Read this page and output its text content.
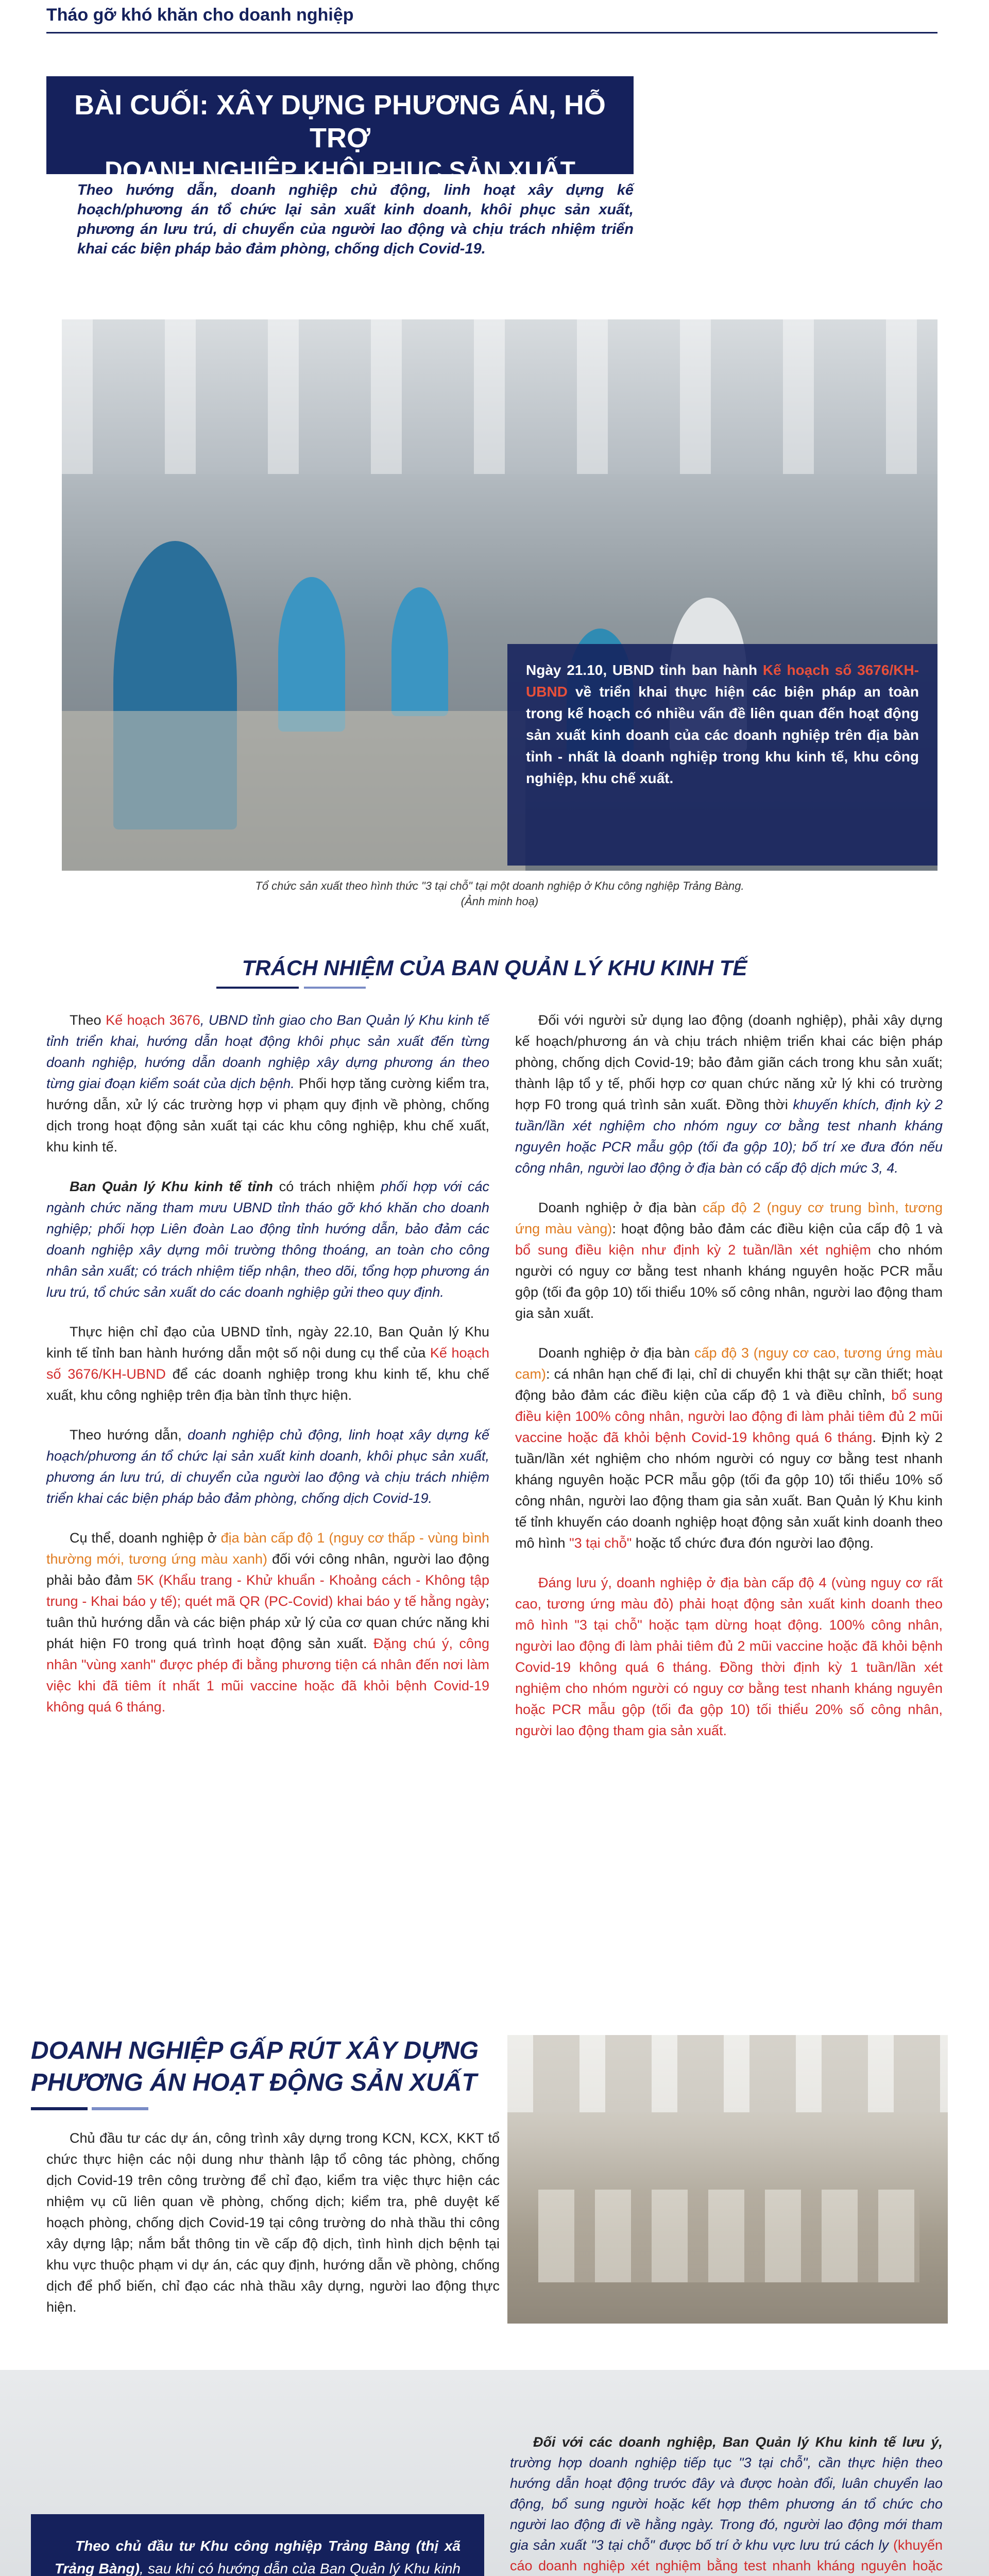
Tháo gỡ khó khăn cho doanh nghiệp
BÀI CUỐI: XÂY DỰNG PHƯƠNG ÁN, HỖ TRỢ
DOANH NGHIỆP KHÔI PHỤC SẢN XUẤT
Theo hướng dẫn, doanh nghiệp chủ động, linh hoạt xây dựng kế hoạch/phương án tổ chức lại sản xuất kinh doanh, khôi phục sản xuất, phương án lưu trú, di chuyển của người lao động và chịu trách nhiệm triển khai các biện pháp bảo đảm phòng, chống dịch Covid-19.
Ngày 21.10, UBND tỉnh ban hành Kế hoạch số 3676/KH-UBND về triển khai thực hiện các biện pháp an toàn trong kế hoạch có nhiều vấn đề liên quan đến hoạt động sản xuất kinh doanh của các doanh nghiệp trên địa bàn tỉnh - nhất là doanh nghiệp trong khu kinh tế, khu công nghiệp, khu chế xuất.
Tổ chức sản xuất theo hình thức "3 tại chỗ" tại một doanh nghiệp ở Khu công nghiệp Trảng Bàng.
(Ảnh minh hoạ)
TRÁCH NHIỆM CỦA BAN QUẢN LÝ KHU KINH TẾ

Theo Kế hoạch 3676, UBND tỉnh giao cho Ban Quản lý Khu kinh tế tỉnh triển khai, hướng dẫn hoạt động khôi phục sản xuất đến từng doanh nghiệp, hướng dẫn doanh nghiệp xây dựng phương án theo từng giai đoạn kiểm soát của dịch bệnh. Phối hợp tăng cường kiểm tra, hướng dẫn, xử lý các trường hợp vi phạm quy định về phòng, chống dịch trong hoạt động sản xuất tại các khu công nghiệp, khu chế xuất, khu kinh tế.

Ban Quản lý Khu kinh tế tỉnh có trách nhiệm phối hợp với các ngành chức năng tham mưu UBND tỉnh tháo gỡ khó khăn cho doanh nghiệp; phối hợp Liên đoàn Lao động tỉnh hướng dẫn, bảo đảm các doanh nghiệp xây dựng môi trường thông thoáng, an toàn cho công nhân sản xuất; có trách nhiệm tiếp nhận, theo dõi, tổng hợp phương án lưu trú, tổ chức sản xuất do các doanh nghiệp gửi theo quy định.

Thực hiện chỉ đạo của UBND tỉnh, ngày 22.10, Ban Quản lý Khu kinh tế tỉnh ban hành hướng dẫn một số nội dung cụ thể của Kế hoạch số 3676/KH-UBND để các doanh nghiệp trong khu kinh tế, khu chế xuất, khu công nghiệp trên địa bàn tỉnh thực hiện.

Theo hướng dẫn, doanh nghiệp chủ động, linh hoạt xây dựng kế hoạch/phương án tổ chức lại sản xuất kinh doanh, khôi phục sản xuất, phương án lưu trú, di chuyển của người lao động và chịu trách nhiệm triển khai các biện pháp bảo đảm phòng, chống dịch Covid-19.

Cụ thể, doanh nghiệp ở địa bàn cấp độ 1 (nguy cơ thấp - vùng bình thường mới, tương ứng màu xanh) đối với công nhân, người lao động phải bảo đảm 5K (Khẩu trang - Khử khuẩn - Khoảng cách - Không tập trung - Khai báo y tế); quét mã QR (PC-Covid) khai báo y tế hằng ngày; tuân thủ hướng dẫn và các biện pháp xử lý của cơ quan chức năng khi phát hiện F0 trong quá trình hoạt động sản xuất. Đặng chú ý, công nhân "vùng xanh" được phép đi bằng phương tiện cá nhân đến nơi làm việc khi đã tiêm ít nhất 1 mũi vaccine hoặc đã khỏi bệnh Covid-19 không quá 6 tháng.

Đối với người sử dụng lao động (doanh nghiệp), phải xây dựng kế hoạch/phương án và chịu trách nhiệm triển khai các biện pháp phòng, chống dịch Covid-19; bảo đảm giãn cách trong khu sản xuất; thành lập tổ y tế, phối hợp cơ quan chức năng xử lý khi có trường hợp F0 trong quá trình sản xuất. Đồng thời khuyến khích, định kỳ 2 tuần/lần xét nghiệm cho nhóm nguy cơ bằng test nhanh kháng nguyên hoặc PCR mẫu gộp (tối đa gộp 10); bố trí xe đưa đón nếu công nhân, người lao động ở địa bàn có cấp độ dịch mức 3, 4.

Doanh nghiệp ở địa bàn cấp độ 2 (nguy cơ trung bình, tương ứng màu vàng): hoạt động bảo đảm các điều kiện của cấp độ 1 và bổ sung điều kiện như định kỳ 2 tuần/lần xét nghiệm cho nhóm người có nguy cơ bằng test nhanh kháng nguyên hoặc PCR mẫu gộp (tối đa gộp 10) tối thiểu 10% số công nhân, người lao động tham gia sản xuất.

Doanh nghiệp ở địa bàn cấp độ 3 (nguy cơ cao, tương ứng màu cam): cá nhân hạn chế đi lại, chỉ di chuyển khi thật sự cần thiết; hoạt động bảo đảm các điều kiện của cấp độ 1 và điều chỉnh, bổ sung điều kiện 100% công nhân, người lao động đi làm phải tiêm đủ 2 mũi vaccine hoặc đã khỏi bệnh Covid-19 không quá 6 tháng. Định kỳ 2 tuần/lần xét nghiệm cho nhóm người có nguy cơ bằng test nhanh kháng nguyên hoặc PCR mẫu gộp (tối đa gộp 10) tối thiểu 10% số công nhân, người lao động tham gia sản xuất. Ban Quản lý Khu kinh tế tỉnh khuyến cáo doanh nghiệp hoạt động sản xuất kinh doanh theo mô hình "3 tại chỗ" hoặc tổ chức đưa đón người lao động.

Đáng lưu ý, doanh nghiệp ở địa bàn cấp độ 4 (vùng nguy cơ rất cao, tương ứng màu đỏ) phải hoạt động sản xuất kinh doanh theo mô hình "3 tại chỗ" hoặc tạm dừng hoạt động. 100% công nhân, người lao động đi làm phải tiêm đủ 2 mũi vaccine hoặc đã khỏi bệnh Covid-19 không quá 6 tháng. Đồng thời định kỳ 1 tuần/lần xét nghiệm cho nhóm người có nguy cơ bằng test nhanh kháng nguyên hoặc PCR mẫu gộp (tối đa gộp 10) tối thiểu 20% số công nhân, người lao động tham gia sản xuất.

DOANH NGHIỆP GẤP RÚT XÂY DỰNG
PHƯƠNG ÁN HOẠT ĐỘNG SẢN XUẤT

Chủ đầu tư các dự án, công trình xây dựng trong KCN, KCX, KKT tổ chức thực hiện các nội dung như thành lập tổ công tác phòng, chống dịch Covid-19 trên công trường để chỉ đạo, kiểm tra việc thực hiện các nhiệm vụ cũ liên quan về phòng, chống dịch; kiểm tra, phê duyệt kế hoạch phòng, chống dịch Covid-19 tại công trường do nhà thầu thi công xây dựng lập; nắm bắt thông tin về cấp độ dịch, tình hình dịch bệnh tại khu vực thuộc phạm vi dự án, các quy định, hướng dẫn về phòng, chống dịch để phổ biến, chỉ đạo các nhà thầu xây dựng, người lao động thực hiện.

Theo chủ đầu tư Khu công nghiệp Trảng Bàng (thị xã Trảng Bàng), sau khi có hướng dẫn của Ban Quản lý Khu kinh

Đối với các doanh nghiệp, Ban Quản lý Khu kinh tế lưu ý, trường hợp doanh nghiệp tiếp tục "3 tại chỗ", cần thực hiện theo hướng dẫn hoạt động trước đây và được hoàn đổi, luân chuyển lao động, bổ sung người hoặc kết hợp thêm phương án tổ chức cho người lao động đi về hằng ngày. Trong đó, người lao động mới tham gia sản xuất "3 tại chỗ" được bố trí ở khu vực lưu trú cách ly (khuyến cáo doanh nghiệp xét nghiệm bằng test nhanh kháng nguyên hoặc
